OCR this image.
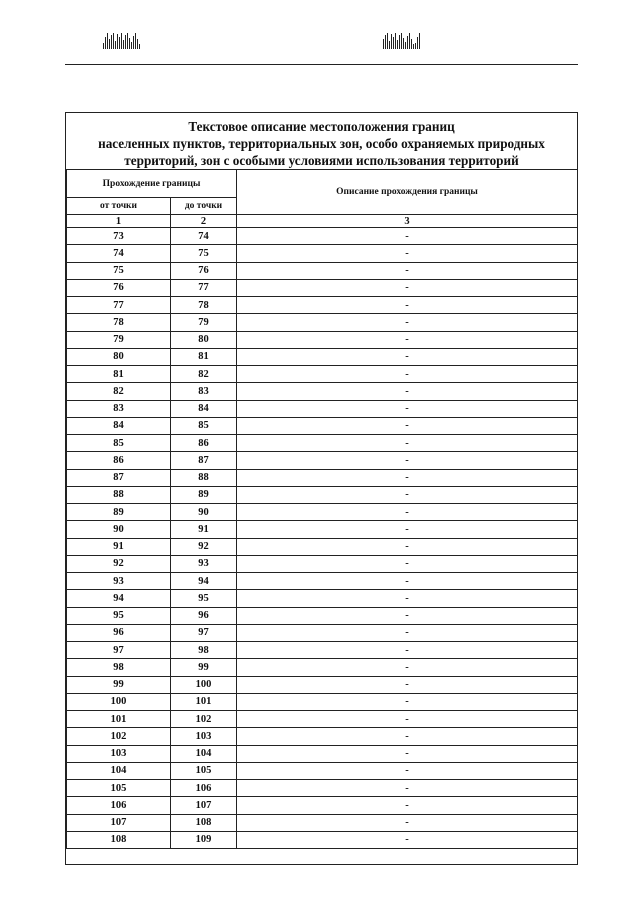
Текстовое описание местоположения границ
населенных пунктов, территориальных зон, особо охраняемых природных
территорий, зон с особыми условиями использования территорий
Прохождение границы		Описание прохождения границы
от точки	до точки	
1	2	3
73	74	-
74	75	-
75	76	-
76	77	-
77	78	-
78	79	-
79	80	-
80	81	-
81	82	-
82	83	-
83	84	-
84	85	-
85	86	-
86	87	-
87	88	-
88	89	-
89	90	-
90	91	-
91	92	-
92	93	-
93	94	-
94	95	-
95	96	-
96	97	-
97	98	-
98	99	-
99	100	-
100	101	-
101	102	-
102	103	-
103	104	-
104	105	-
105	106	-
106	107	-
107	108	-
108	109	-
